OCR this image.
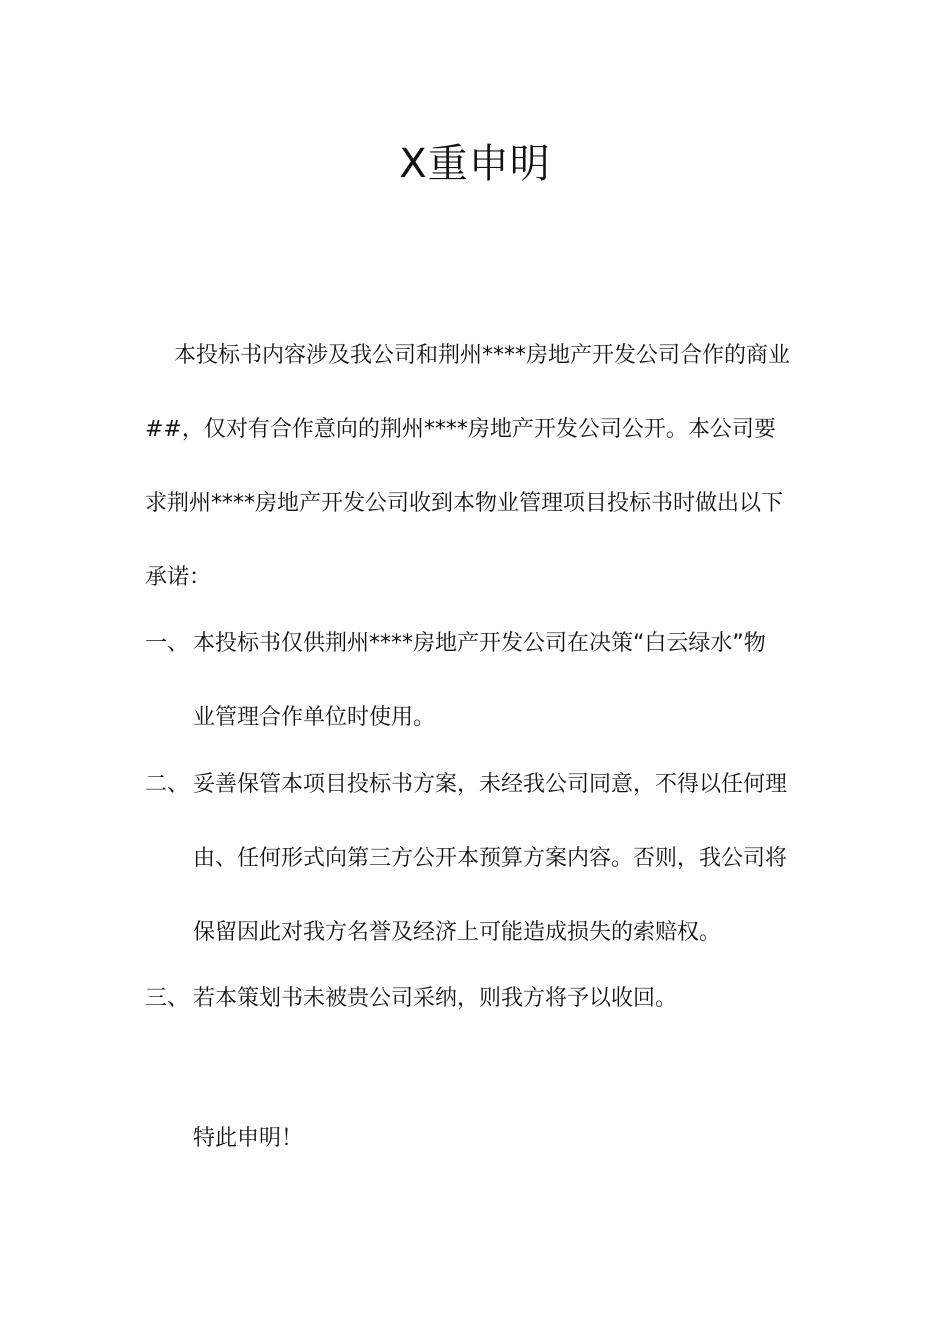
X重申明
本投标书内容涉及我公司和荆州****房地产开发公司合作的商业
##，仅对有合作意向的荆州****房地产开发公司公开。本公司要
求荆州****房地产开发公司收到本物业管理项目投标书时做出以下
承诺：
一、 本投标书仅供荆州****房地产开发公司在决策“白云绿水”物
业管理合作单位时使用。
二、 妥善保管本项目投标书方案，未经我公司同意，不得以任何理
由、任何形式向第三方公开本预算方案内容。否则，我公司将
保留因此对我方名誉及经济上可能造成损失的索赔权。
三、 若本策划书未被贵公司采纳，则我方将予以收回。
特此申明！
